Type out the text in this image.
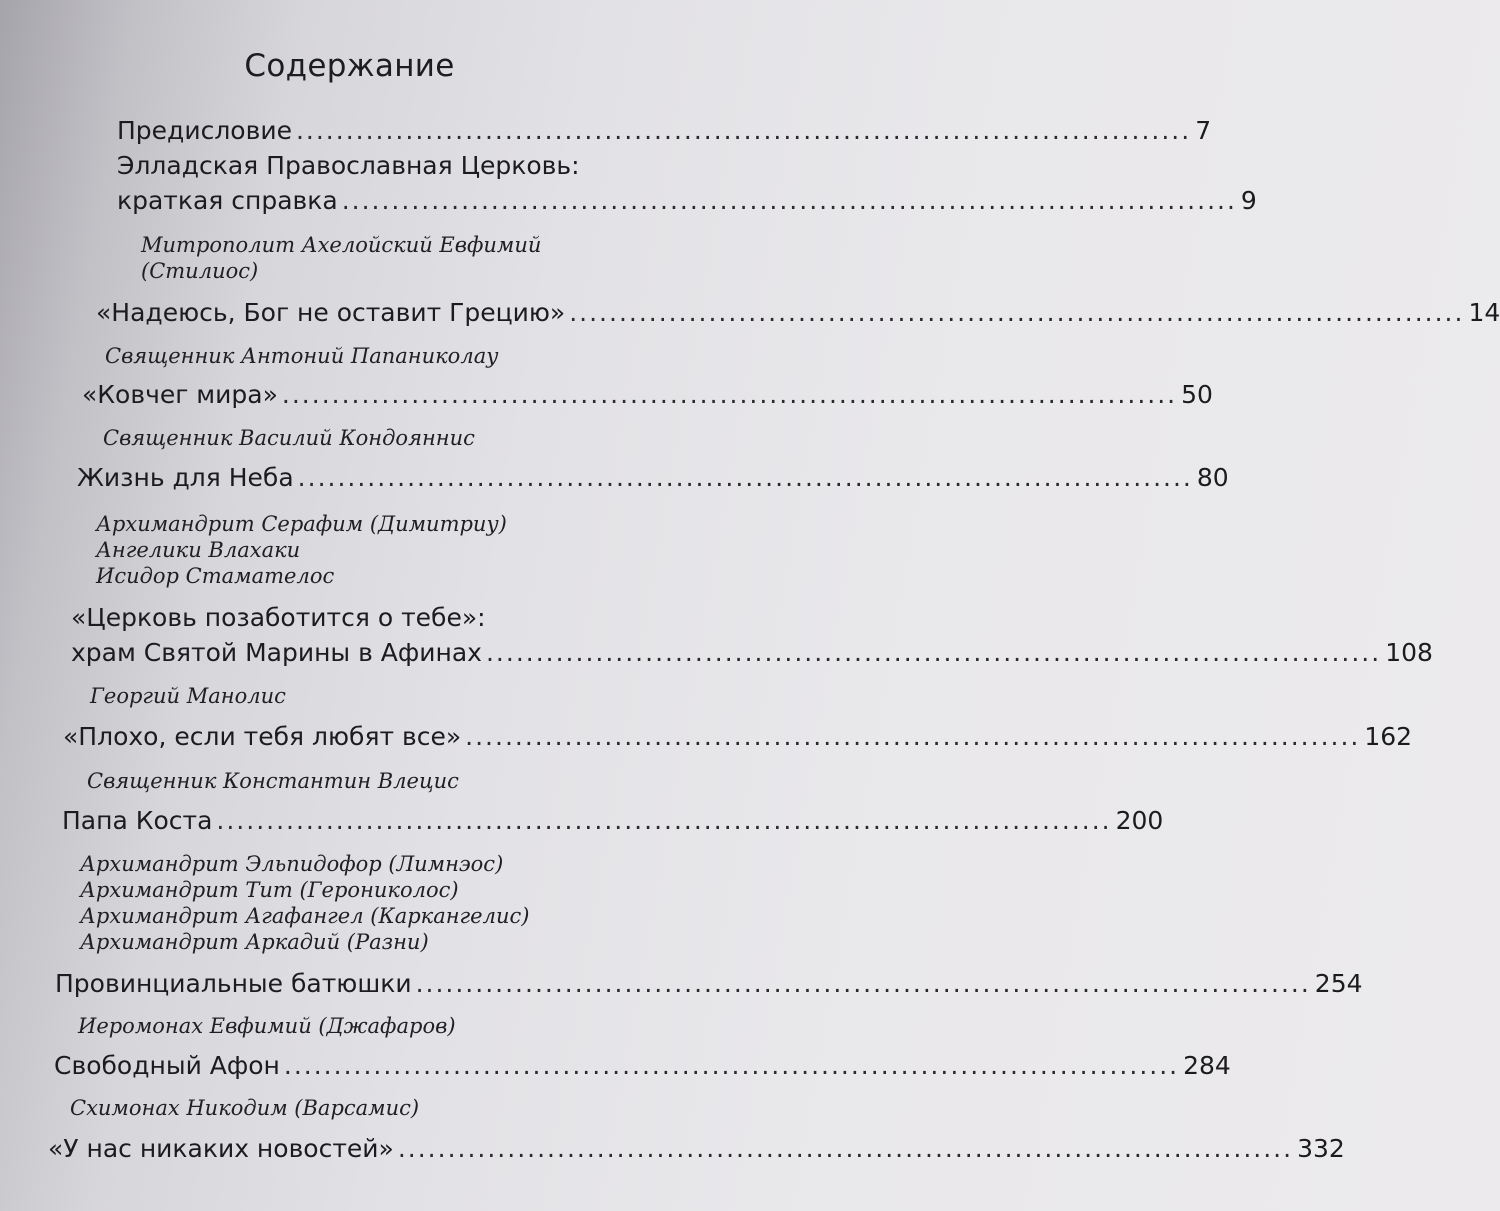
Содержание
Предисловие .......................................................................................... 7
Элладская Православная Церковь:
краткая справка .......................................................................................... 9
Митрополит Ахелойский Евфимий
(Стилиос)
«Надеюсь, Бог не оставит Грецию» .......................................................................................... 14
Священник Антоний Папаниколау
«Ковчег мира» .......................................................................................... 50
Священник Василий Кондояннис
Жизнь для Неба .......................................................................................... 80
Архимандрит Серафим (Димитриу)
Ангелики Влахаки
Исидор Стамателос
«Церковь позаботится о тебе»:
храм Святой Марины в Афинах .......................................................................................... 108
Георгий Манолис
«Плохо, если тебя любят все» .......................................................................................... 162
Священник Константин Влецис
Папа Коста .......................................................................................... 200
Архимандрит Эльпидофор (Лимнэос)
Архимандрит Тит (Героникoлос)
Архимандрит Агафангел (Каркангелис)
Архимандрит Аркадий (Разни)
Провинциальные батюшки .......................................................................................... 254
Иеромонах Евфимий (Джафаров)
Свободный Афон .......................................................................................... 284
Схимонах Никодим (Варсамис)
«У нас никаких новостей» .......................................................................................... 332
